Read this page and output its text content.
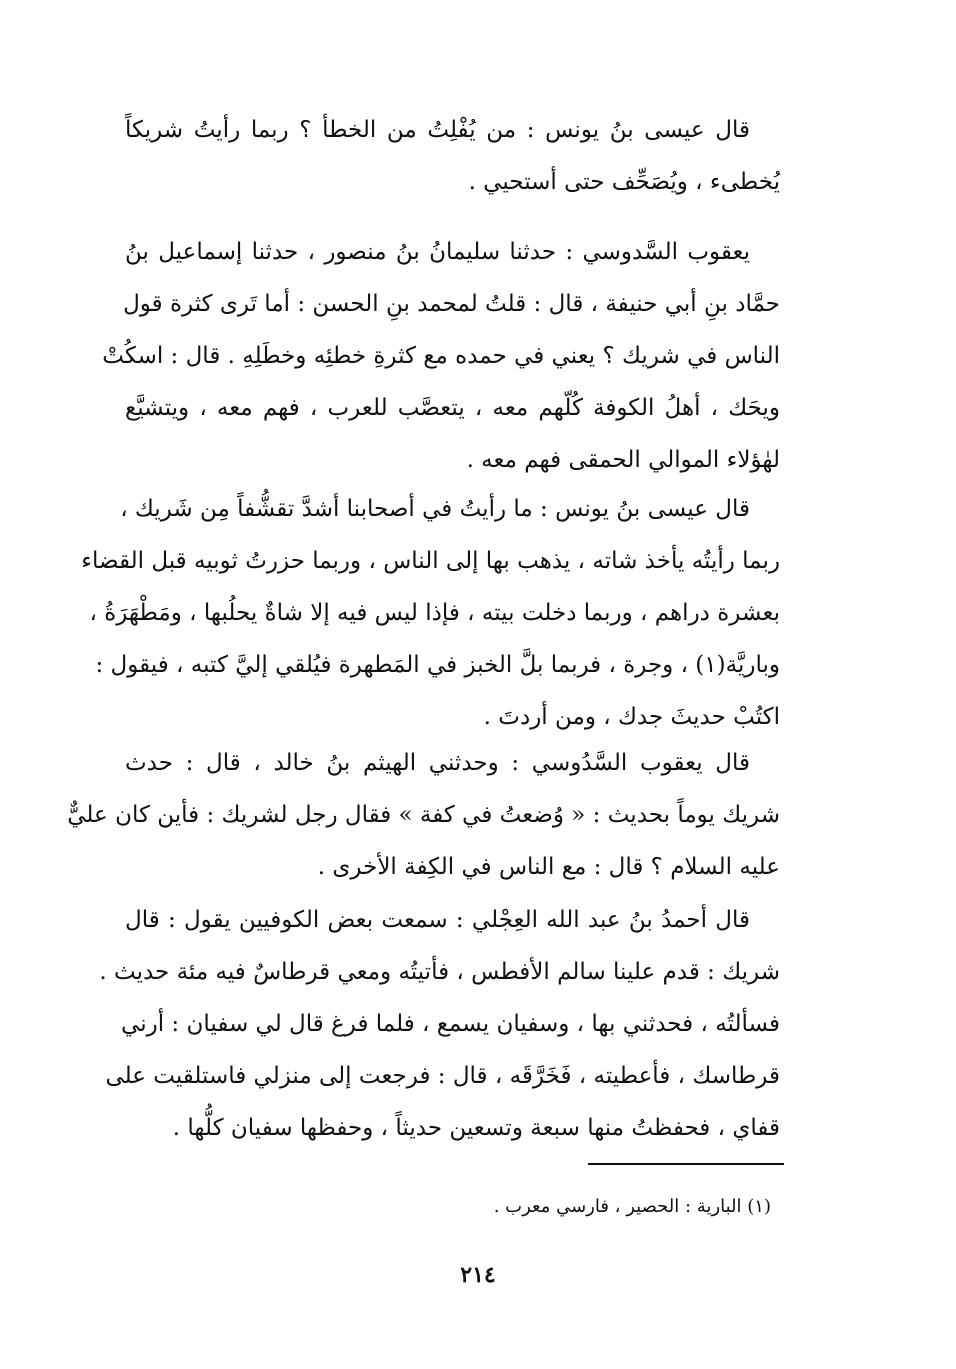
قال عيسى بنُ يونس : من يُفْلِتُ من الخطأ ؟ ربما رأيتُ شريكاً
يُخطىء ، ويُصَحِّف حتى أستحيي .

يعقوب السَّدوسي : حدثنا سليمانُ بنُ منصور ، حدثنا إسماعيل بنُ
حمَّاد بنِ أبي حنيفة ، قال : قلتُ لمحمد بنِ الحسن : أما تَرى كثرة قول
الناس في شريك ؟ يعني في حمده مع كثرةِ خطئِه وخطَلِهِ . قال : اسكُتْ
ويحَك ، أهلُ الكوفة كُلّهم معه ، يتعصَّب للعرب ، فهم معه ، ويتشيَّع
لهٰؤلاء الموالي الحمقى فهم معه .

قال عيسى بنُ يونس : ما رأيتُ في أصحابنا أشدَّ تقشُّفاً مِن شَريك ،
ربما رأيتُه يأخذ شاته ، يذهب بها إلى الناس ، وربما حزرتُ ثوبيه قبل القضاء
بعشرة دراهم ، وربما دخلت بيته ، فإذا ليس فيه إلا شاةٌ يحلُبها ، ومَطْهَرَةُ ،
وباريَّة(١) ، وجرة ، فربما بلَّ الخبز في المَطهرة فيُلقي إليَّ كتبه ، فيقول :
اكتُبْ حديثَ جدك ، ومن أردتَ .

قال يعقوب السَّدُوسي : وحدثني الهيثم بنُ خالد ، قال : حدث
شريك يوماً بحديث : « وُضعتُ في كفة » فقال رجل لشريك : فأين كان عليٌّ
عليه السلام ؟ قال : مع الناس في الكِفة الأخرى .

قال أحمدُ بنُ عبد الله العِجْلي : سمعت بعض الكوفيين يقول : قال
شريك : قدم علينا سالم الأفطس ، فأتيتُه ومعي قرطاسٌ فيه مئة حديث .
فسألتُه ، فحدثني بها ، وسفيان يسمع ، فلما فرغ قال لي سفيان : أرني
قرطاسك ، فأعطيته ، فَخَرَّقَه ، قال : فرجعت إلى منزلي فاستلقيت على
قفاي ، فحفظتُ منها سبعة وتسعين حديثاً ، وحفظها سفيان كلُّها .

(١) البارية : الحصير ، فارسي معرب .
٢١٤
